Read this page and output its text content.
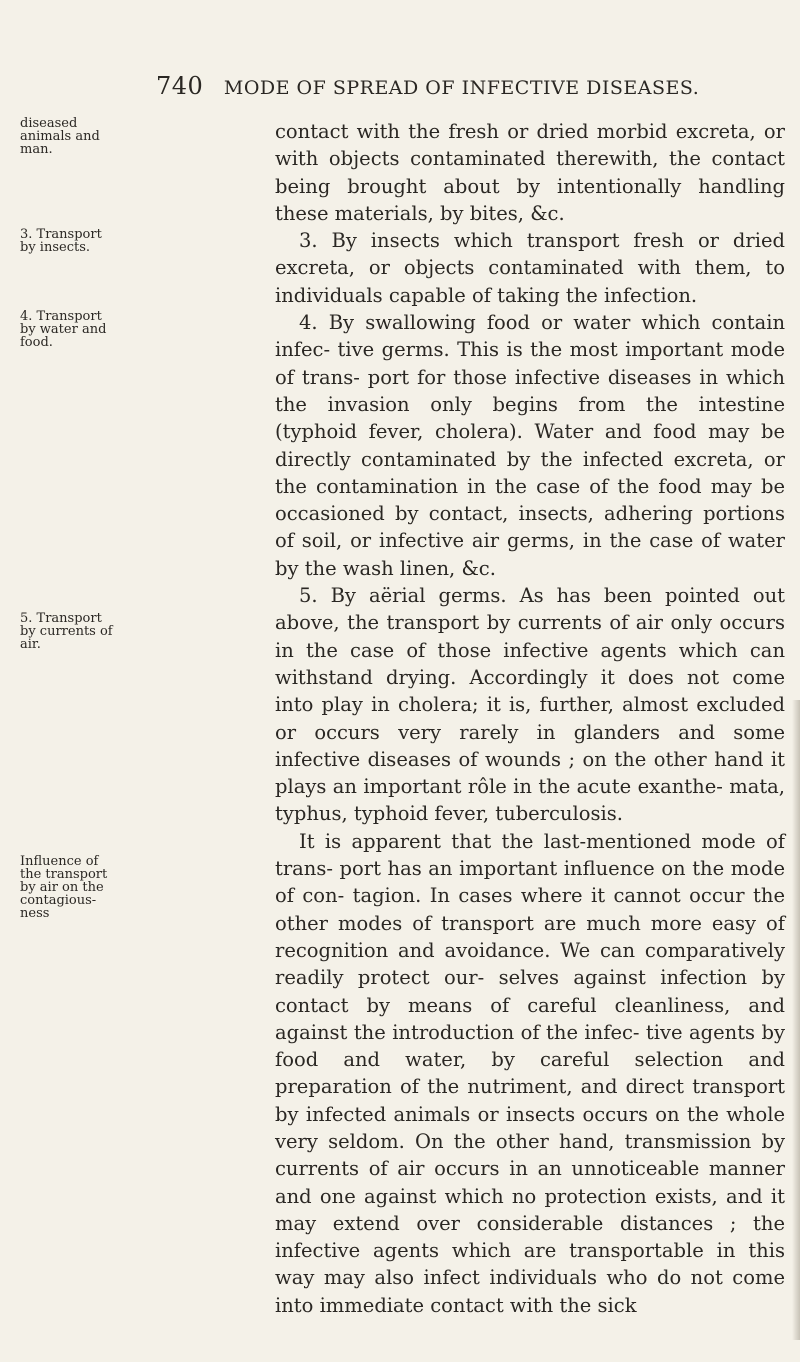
740 MODE OF SPREAD OF INFECTIVE DISEASES.
diseased animals and man.
3. Transport by insects.
4. Transport by water and food.
5. Transport by currents of air.
Influence of the transport by air on the contagious- ness

contact with the fresh or dried morbid excreta, or with objects contaminated therewith, the contact being brought about by intentionally handling these materials, by bites, &c.

3. By insects which transport fresh or dried excreta, or objects contaminated with them, to individuals capable of taking the infection.

4. By swallowing food or water which contain infec- tive germs. This is the most important mode of trans- port for those infective diseases in which the invasion only begins from the intestine (typhoid fever, cholera). Water and food may be directly contaminated by the infected excreta, or the contamination in the case of the food may be occasioned by contact, insects, adhering portions of soil, or infective air germs, in the case of water by the wash linen, &c.

5. By aërial germs. As has been pointed out above, the transport by currents of air only occurs in the case of those infective agents which can withstand drying. Accordingly it does not come into play in cholera; it is, further, almost excluded or occurs very rarely in glanders and some infective diseases of wounds ; on the other hand it plays an important rôle in the acute exanthe- mata, typhus, typhoid fever, tuberculosis.

It is apparent that the last-mentioned mode of trans- port has an important influence on the mode of con- tagion. In cases where it cannot occur the other modes of transport are much more easy of recognition and avoidance. We can comparatively readily protect our- selves against infection by contact by means of careful cleanliness, and against the introduction of the infec- tive agents by food and water, by careful selection and preparation of the nutriment, and direct transport by infected animals or insects occurs on the whole very seldom. On the other hand, transmission by currents of air occurs in an unnoticeable manner and one against which no protection exists, and it may extend over considerable distances ; the infective agents which are transportable in this way may also infect individuals who do not come into immediate contact with the sick
